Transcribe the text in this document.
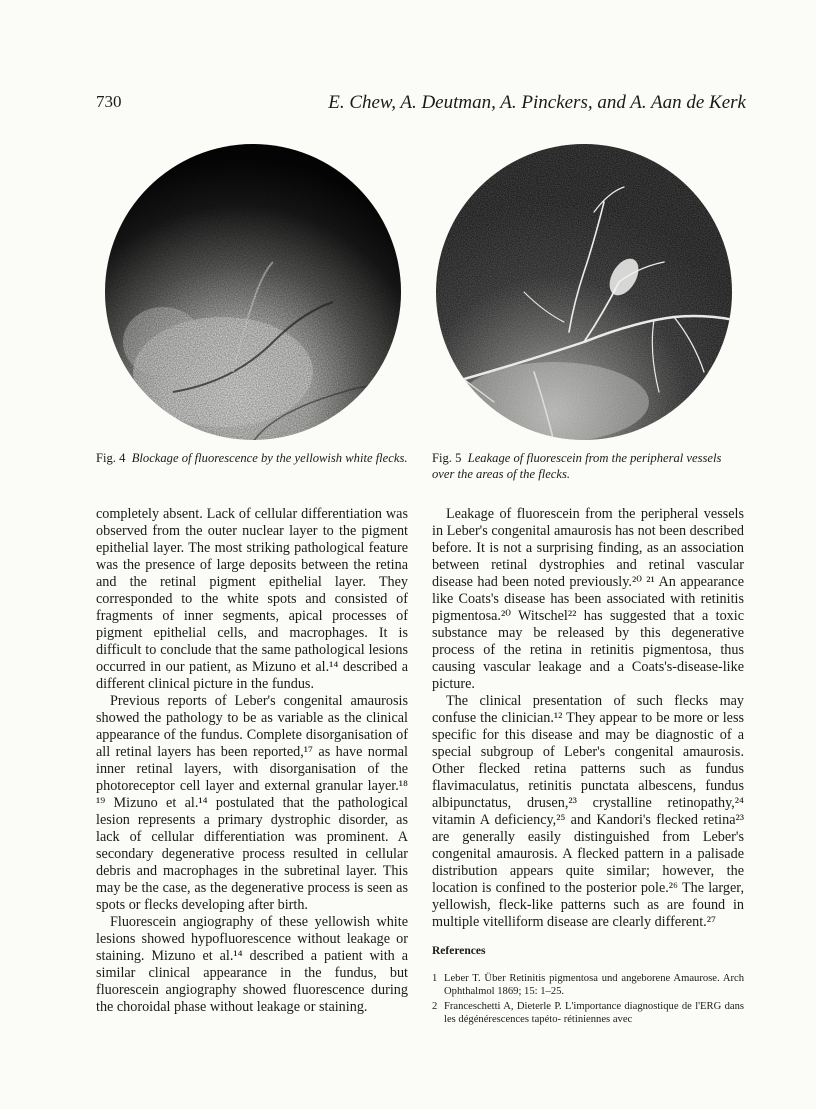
730	E. Chew, A. Deutman, A. Pinckers, and A. Aan de Kerk
Fig. 4 Blockage of fluorescence by the yellowish white flecks. Fig. 5 Leakage of fluorescein from the peripheral vessels over the areas of the flecks.

completely absent. Lack of cellular differentiation was observed from the outer nuclear layer to the pigment epithelial layer. The most striking pathological feature was the presence of large deposits between the retina and the retinal pigment epithelial layer. They corresponded to the white spots and consisted of fragments of inner segments, apical processes of pigment epithelial cells, and macrophages. It is difficult to conclude that the same pathological lesions occurred in our patient, as Mizuno et al.¹⁴ described a different clinical picture in the fundus.

Previous reports of Leber's congenital amaurosis showed the pathology to be as variable as the clinical appearance of the fundus. Complete disorganisation of all retinal layers has been reported,¹⁷ as have normal inner retinal layers, with disorganisation of the photoreceptor cell layer and external granular layer.¹⁸ ¹⁹ Mizuno et al.¹⁴ postulated that the pathological lesion represents a primary dystrophic disorder, as lack of cellular differentiation was prominent. A secondary degenerative process resulted in cellular debris and macrophages in the subretinal layer. This may be the case, as the degenerative process is seen as spots or flecks developing after birth.

Fluorescein angiography of these yellowish white lesions showed hypofluorescence without leakage or staining. Mizuno et al.¹⁴ described a patient with a similar clinical appearance in the fundus, but fluorescein angiography showed fluorescence during the choroidal phase without leakage or staining.

Leakage of fluorescein from the peripheral vessels in Leber's congenital amaurosis has not been described before. It is not a surprising finding, as an association between retinal dystrophies and retinal vascular disease had been noted previously.²⁰ ²¹ An appearance like Coats's disease has been associated with retinitis pigmentosa.²⁰ Witschel²² has suggested that a toxic substance may be released by this degenerative process of the retina in retinitis pigmentosa, thus causing vascular leakage and a Coats's-disease-like picture.

The clinical presentation of such flecks may confuse the clinician.¹² They appear to be more or less specific for this disease and may be diagnostic of a special subgroup of Leber's congenital amaurosis. Other flecked retina patterns such as fundus flavimaculatus, retinitis punctata albescens, fundus albipunctatus, drusen,²³ crystalline retinopathy,²⁴ vitamin A deficiency,²⁵ and Kandori's flecked retina²³ are generally easily distinguished from Leber's congenital amaurosis. A flecked pattern in a palisade distribution appears quite similar; however, the location is confined to the posterior pole.²⁶ The larger, yellowish, fleck-like patterns such as are found in multiple vitelliform disease are clearly different.²⁷

References
1 Leber T. Über Retinitis pigmentosa und angeborene Amaurose. Arch Ophthalmol 1869; 15: 1–25.
2 Franceschetti A, Dieterle P. L'importance diagnostique de l'ERG dans les dégénérescences tapéto- rétiniennes avec
